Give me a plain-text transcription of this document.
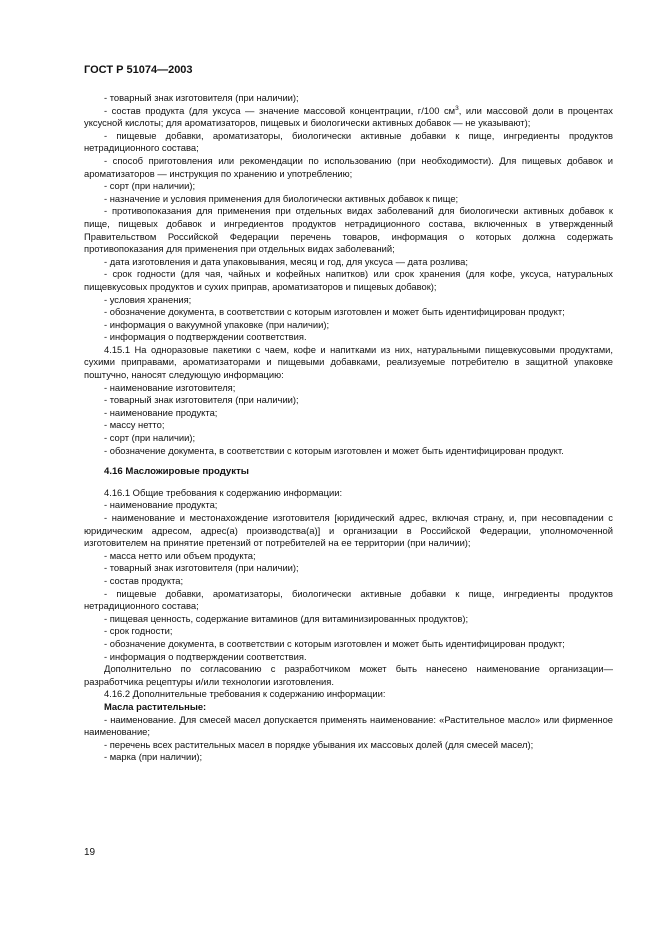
ГОСТ Р 51074—2003

- товарный знак изготовителя (при наличии);

- состав продукта (для уксуса — значение массовой концентрации, г/100 $см^3$, или массовой доли в процентах уксусной кислоты; для ароматизаторов, пищевых и биологически активных добавок — не указывают);

- пищевые добавки, ароматизаторы, биологически активные добавки к пище, ингредиенты продуктов нетрадиционного состава;

- способ приготовления или рекомендации по использованию (при необходимости). Для пищевых добавок и ароматизаторов — инструкция по хранению и употреблению;

- сорт (при наличии);

- назначение и условия применения для биологически активных добавок к пище;

- противопоказания для применения при отдельных видах заболеваний для биологически активных добавок к пище, пищевых добавок и ингредиентов продуктов нетрадиционного состава, включенных в утвержденный Правительством Российской Федерации перечень товаров, информация о которых должна содержать противопоказания для применения при отдельных видах заболеваний;

- дата изготовления и дата упаковывания, месяц и год, для уксуса — дата розлива;

- срок годности (для чая, чайных и кофейных напитков) или срок хранения (для кофе, уксуса, натуральных пищевкусовых продуктов и сухих приправ, ароматизаторов и пищевых добавок);

- условия хранения;

- обозначение документа, в соответствии с которым изготовлен и может быть идентифицирован продукт;

- информация о вакуумной упаковке (при наличии);

- информация о подтверждении соответствия.

4.15.1 На одноразовые пакетики с чаем, кофе и напитками из них, натуральными пищевкусовыми продуктами, сухими приправами, ароматизаторами и пищевыми добавками, реализуемые потребителю в защитной упаковке поштучно, наносят следующую информацию:

- наименование изготовителя;

- товарный знак изготовителя (при наличии);

- наименование продукта;

- массу нетто;

- сорт (при наличии);

- обозначение документа, в соответствии с которым изготовлен и может быть идентифицирован продукт.

4.16 Масложировые продукты

4.16.1 Общие требования к содержанию информации:

- наименование продукта;

- наименование и местонахождение изготовителя [юридический адрес, включая страну, и, при несовпадении с юридическим адресом, адрес(а) производства(а)] и организации в Российской Федерации, уполномоченной изготовителем на принятие претензий от потребителей на ее территории (при наличии);

- масса нетто или объем продукта;

- товарный знак изготовителя (при наличии);

- состав продукта;

- пищевые добавки, ароматизаторы, биологически активные добавки к пище, ингредиенты продуктов нетрадиционного состава;

- пищевая ценность, содержание витаминов (для витаминизированных продуктов);

- срок годности;

- обозначение документа, в соответствии с которым изготовлен и может быть идентифицирован продукт;

- информация о подтверждении соответствия.

Дополнительно по согласованию с разработчиком может быть нанесено наименование организации—разработчика рецептуры и/или технологии изготовления.

4.16.2 Дополнительные требования к содержанию информации:

Масла растительные:

- наименование. Для смесей масел допускается применять наименование: «Растительное масло» или фирменное наименование;

- перечень всех растительных масел в порядке убывания их массовых долей (для смесей масел);

- марка (при наличии);

19
